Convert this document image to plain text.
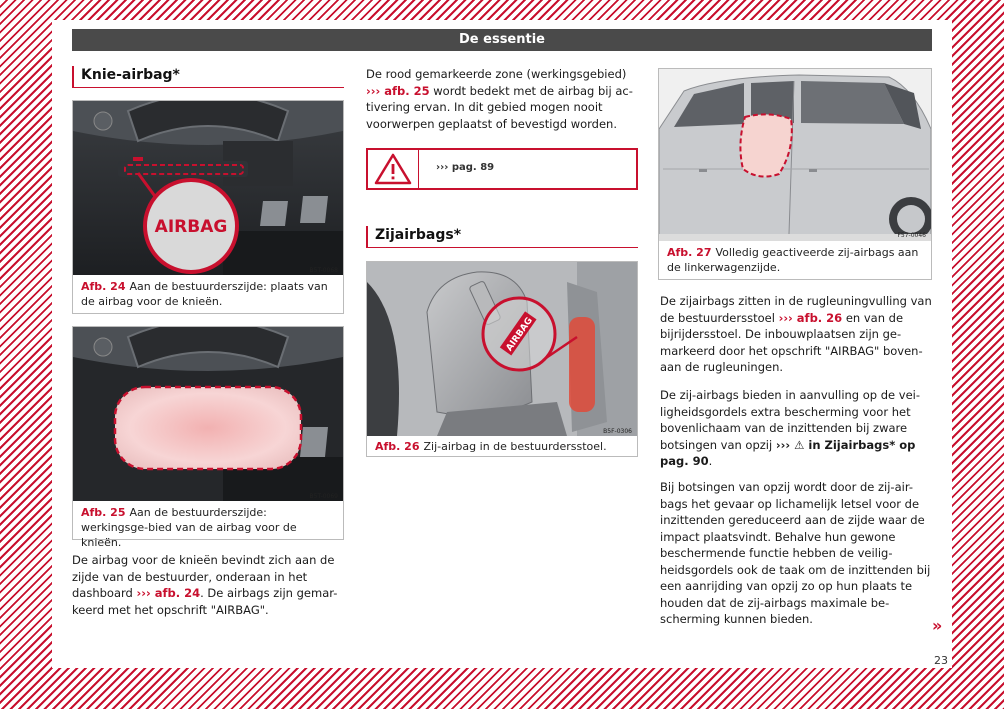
De essentie
Knie-airbag*
AIRBAG
B5T-0068
Afb. 24 Aan de bestuurderszijde: plaats van de airbag voor de knieën.
B5T-0069
Afb. 25 Aan de bestuurderszijde: werkingsge-bied van de airbag voor de knieën.
De airbag voor de knieën bevindt zich aan de zijde van de bestuurder, onderaan in het dashboard ››› afb. 24. De airbags zijn gemar-keerd met het opschrift "AIRBAG".
De rood gemarkeerde zone (werkingsgebied) ››› afb. 25 wordt bedekt met de airbag bij ac-tivering ervan. In dit gebied mogen nooit voorwerpen geplaatst of bevestigd worden.
››› pag. 89
Zijairbags*
AIRBAG
B5F-0306
Afb. 26 Zij-airbag in de bestuurdersstoel.
F57-0046
Afb. 27 Volledig geactiveerde zij-airbags aan de linkerwagenzijde.
De zijairbags zitten in de rugleuningvulling van de bestuurdersstoel ››› afb. 26 en van de bijrijdersstoel. De inbouwplaatsen zijn ge-markeerd door het opschrift "AIRBAG" boven-aan de rugleuningen.
De zij-airbags bieden in aanvulling op de vei-ligheidsgordels extra bescherming voor het bovenlichaam van de inzittenden bij zware botsingen van opzij ››› ⚠ in Zijairbags* op pag. 90.
Bij botsingen van opzij wordt door de zij-air-bags het gevaar op lichamelijk letsel voor de inzittenden gereduceerd aan de zijde waar de impact plaatsvindt. Behalve hun gewone beschermende functie hebben de veilig-heidsgordels ook de taak om de inzittenden bij een aanrijding van opzij zo op hun plaats te houden dat de zij-airbags maximale be-scherming kunnen bieden.	»
23
